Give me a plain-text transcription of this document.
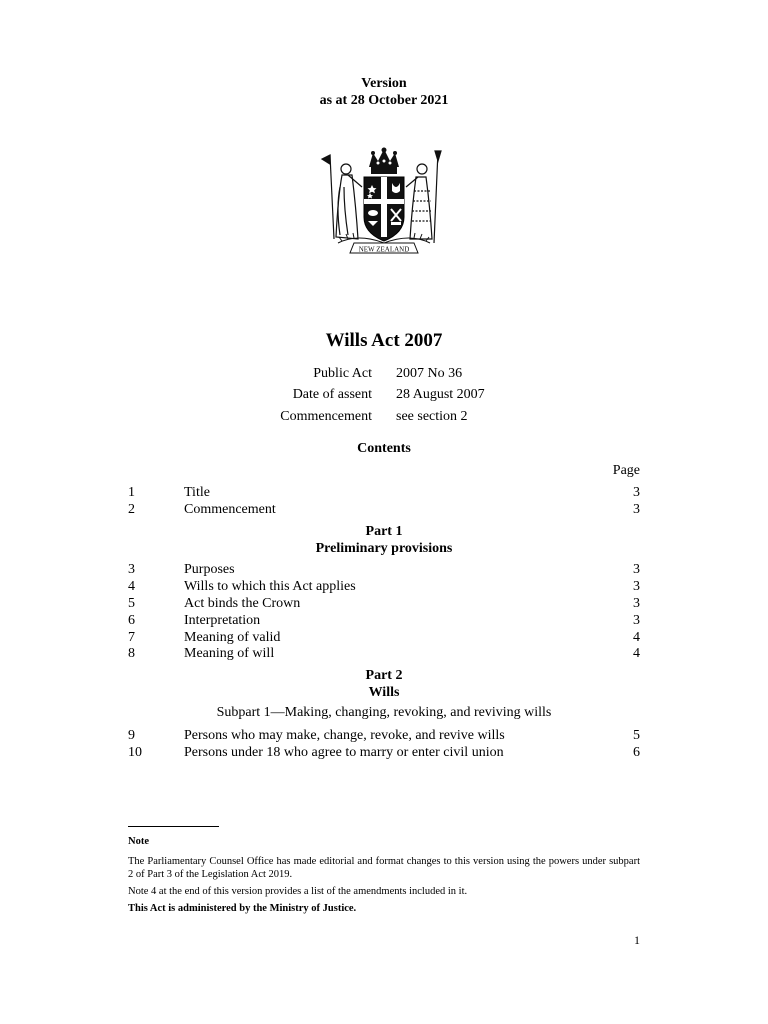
Version
as at 28 October 2021
NEW ZEALAND
Wills Act 2007
Public Act 2007 No 36
Date of assent 28 August 2007
Commencement see section 2
Contents
Page
1	Title	3
2	Commencement	3
Part 1
Preliminary provisions
3	Purposes	3
4	Wills to which this Act applies	3
5	Act binds the Crown	3
6	Interpretation	3
7	Meaning of valid	4
8	Meaning of will	4
Part 2
Wills
Subpart 1—Making, changing, revoking, and reviving wills
9	Persons who may make, change, revoke, and revive wills	5
10	Persons under 18 who agree to marry or enter civil union	6

Note

The Parliamentary Counsel Office has made editorial and format changes to this version using the powers under subpart 2 of Part 3 of the Legislation Act 2019.

Note 4 at the end of this version provides a list of the amendments included in it.

This Act is administered by the Ministry of Justice.

1
